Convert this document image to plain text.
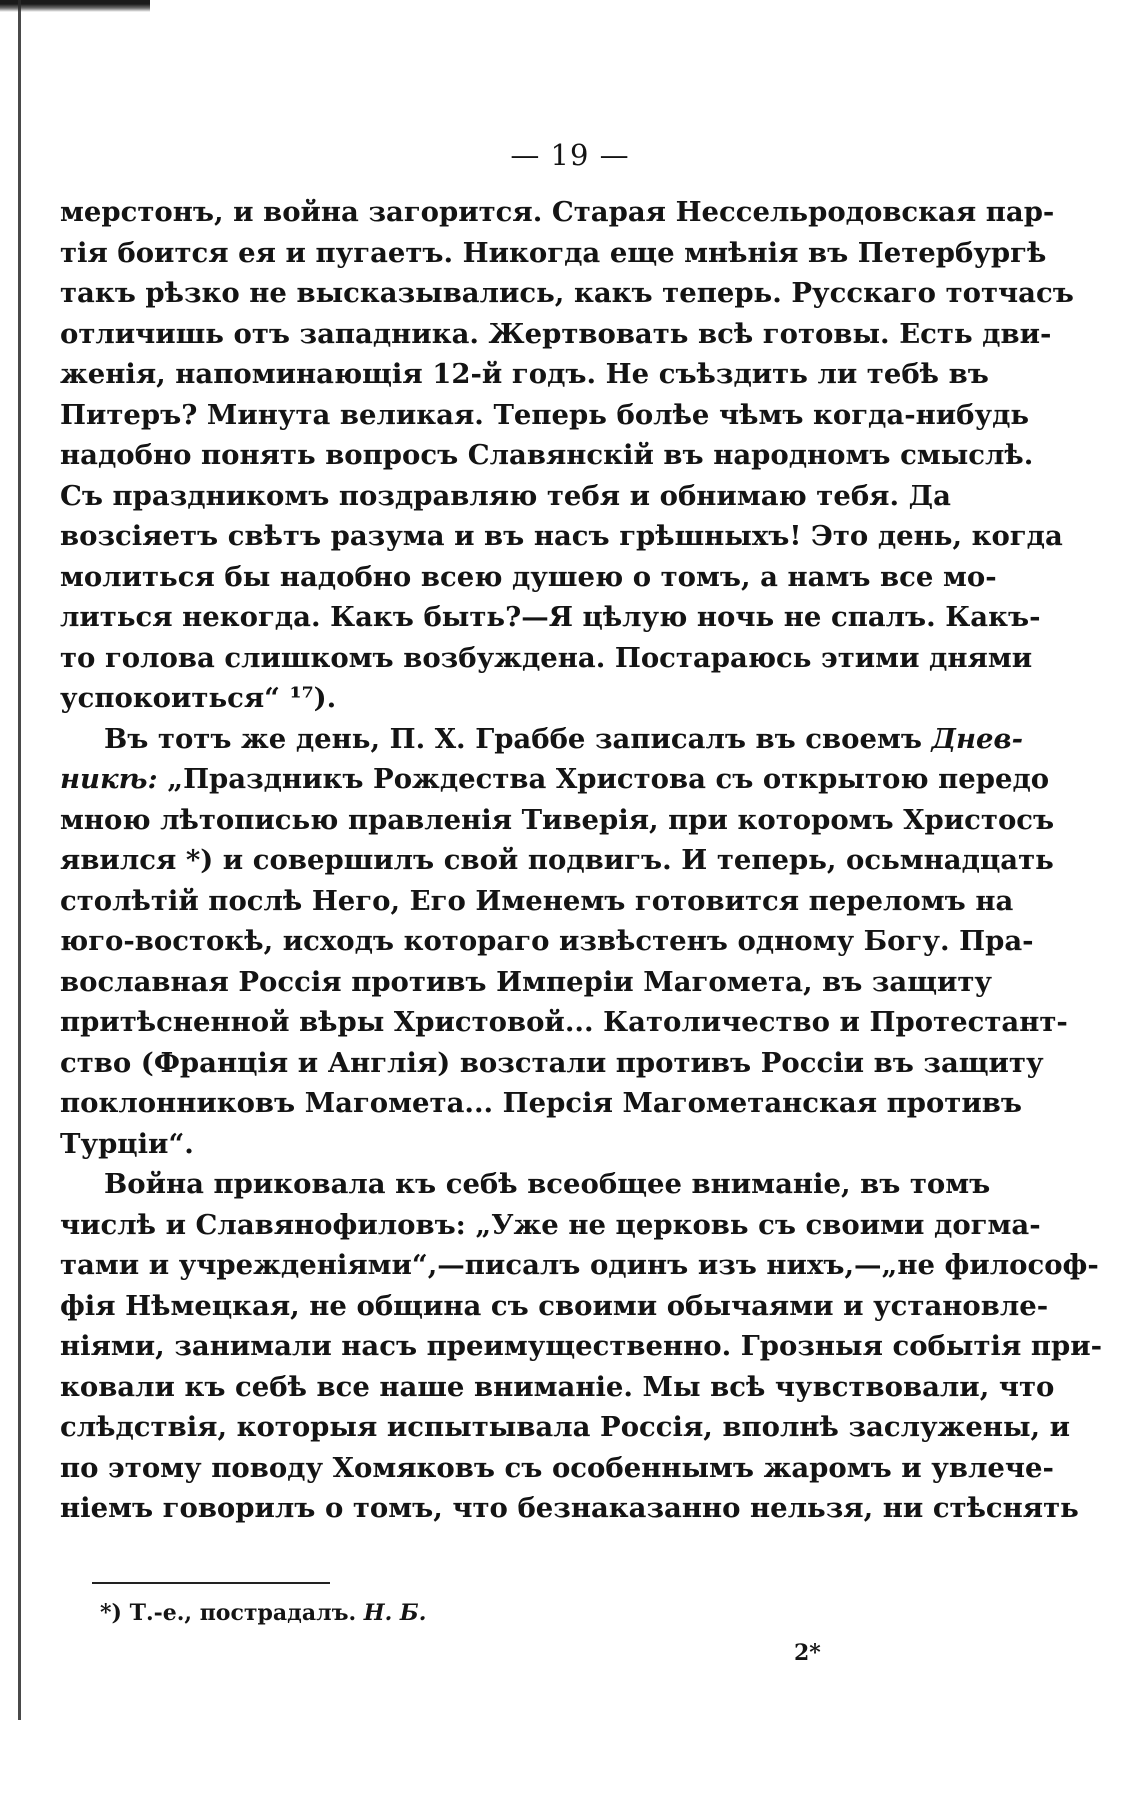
— 19 —
мерстонъ, и война загорится. Старая Нессельродовская пар-
тія боится ея и пугаетъ. Никогда еще мнѣнія въ Петербургѣ
такъ рѣзко не высказывались, какъ теперь. Русскаго тотчасъ
отличишь отъ западника. Жертвовать всѣ готовы. Есть дви-
женія, напоминающія 12-й годъ. Не съѣздить ли тебѣ въ
Питеръ? Минута великая. Теперь болѣе чѣмъ когда-нибудь
надобно понять вопросъ Славянскій въ народномъ смыслѣ.
Съ праздникомъ поздравляю тебя и обнимаю тебя. Да
возсіяетъ свѣтъ разума и въ насъ грѣшныхъ! Это день, когда
молиться бы надобно всею душею о томъ, а намъ все мо-
литься некогда. Какъ быть?—Я цѣлую ночь не спалъ. Какъ-
то голова слишкомъ возбуждена. Постараюсь этими днями
успокоиться“ ¹⁷).
Въ тотъ же день, П. Х. Граббе записалъ въ своемъ Днев-
никѣ: „Праздникъ Рождества Христова съ открытою передо
мною лѣтописью правленія Тиверія, при которомъ Христосъ
явился *) и совершилъ свой подвигъ. И теперь, осьмнадцать
столѣтій послѣ Него, Его Именемъ готовится переломъ на
юго-востокѣ, исходъ котораго извѣстенъ одному Богу. Пра-
вославная Россія противъ Имперіи Магомета, въ защиту
притѣсненной вѣры Христовой... Католичество и Протестант-
ство (Францiя и Англія) возстали противъ Россіи въ защиту
поклонниковъ Магомета... Персія Магометанская противъ
Турціи“.
Война приковала къ себѣ всеобщее вниманіе, въ томъ
числѣ и Славянофиловъ: „Уже не церковь съ своими догма-
тами и учрежденіями“,—писалъ одинъ изъ нихъ,—„не философ-
фія Нѣмецкая, не община съ своими обычаями и установле-
ніями, занимали насъ преимущественно. Грозныя событія при-
ковали къ себѣ все наше вниманіе. Мы всѣ чувствовали, что
слѣдствія, которыя испытывала Россія, вполнѣ заслужены, и
по этому поводу Хомяковъ съ особеннымъ жаромъ и увлече-
ніемъ говорилъ о томъ, что безнаказанно нельзя, ни стѣснять
*) Т.-е., пострадалъ. Н. Б.
2*
